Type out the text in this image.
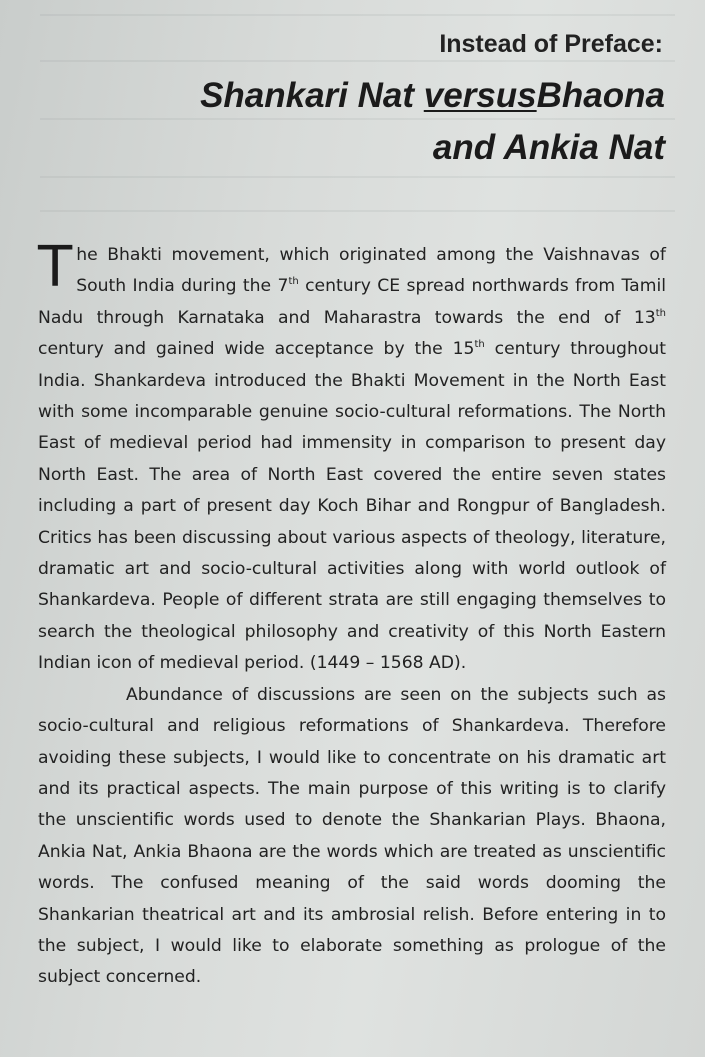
Instead of Preface:
Shankari Nat versusBhaona
and Ankia Nat

The Bhakti movement, which originated among the Vaishnavas of South India during the 7th century CE spread northwards from Tamil Nadu through Karnataka and Maharastra towards the end of 13th century and gained wide acceptance by the 15th century throughout India. Shankardeva introduced the Bhakti Movement in the North East with some incomparable genuine socio-cultural reformations. The North East of medieval period had immensity in comparison to present day North East. The area of North East covered the entire seven states including a part of present day Koch Bihar and Rongpur of Bangladesh. Critics has been discussing about various aspects of theology, literature, dramatic art and socio-cultural activities along with world outlook of Shankardeva. People of different strata are still engaging themselves to search the theological philosophy and creativity of this North Eastern Indian icon of medieval period. (1449 – 1568 AD).

Abundance of discussions are seen on the subjects such as socio-cultural and religious reformations of Shankardeva. Therefore avoiding these subjects, I would like to concentrate on his dramatic art and its practical aspects. The main purpose of this writing is to clarify the unscientific words used to denote the Shankarian Plays. Bhaona, Ankia Nat, Ankia Bhaona are the words which are treated as unscientific words. The confused meaning of the said words dooming the Shankarian theatrical art and its ambrosial relish. Before entering in to the subject, I would like to elaborate something as prologue of the subject concerned.
